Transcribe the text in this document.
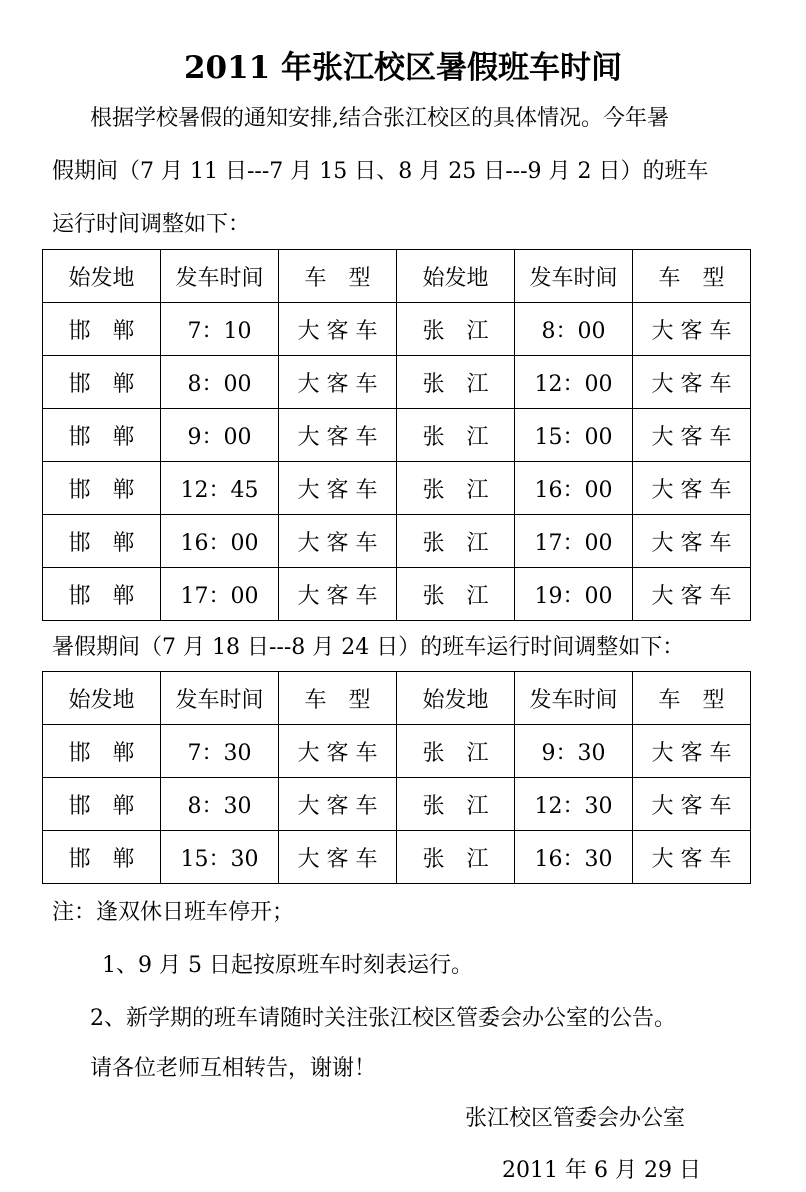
2011 年张江校区暑假班车时间
根据学校暑假的通知安排,结合张江校区的具体情况。今年暑
假期间（7 月 11 日---7 月 15 日、8 月 25 日---9 月 2 日）的班车
运行时间调整如下：
始发地	发车时间	车　型	始发地	发车时间	车　型
邯　郸	7：10	大 客 车	张　江	8：00	大 客 车
邯　郸	8：00	大 客 车	张　江	12：00	大 客 车
邯　郸	9：00	大 客 车	张　江	15：00	大 客 车
邯　郸	12：45	大 客 车	张　江	16：00	大 客 车
邯　郸	16：00	大 客 车	张　江	17：00	大 客 车
邯　郸	17：00	大 客 车	张　江	19：00	大 客 车
暑假期间（7 月 18 日---8 月 24 日）的班车运行时间调整如下：
始发地	发车时间	车　型	始发地	发车时间	车　型
邯　郸	7：30	大 客 车	张　江	9：30	大 客 车
邯　郸	8：30	大 客 车	张　江	12：30	大 客 车
邯　郸	15：30	大 客 车	张　江	16：30	大 客 车
注：逢双休日班车停开；
1、9 月 5 日起按原班车时刻表运行。
2、新学期的班车请随时关注张江校区管委会办公室的公告。
请各位老师互相转告，谢谢！
张江校区管委会办公室
2011 年 6 月 29 日
